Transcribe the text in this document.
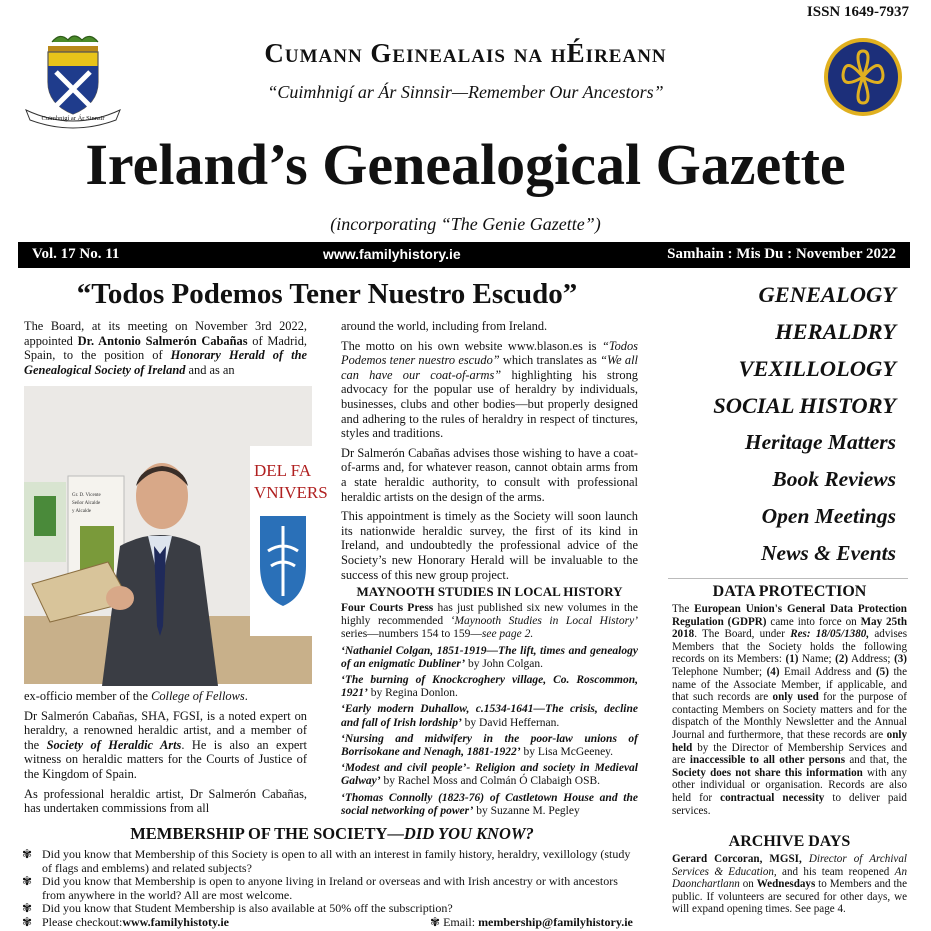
ISSN 1649-7937
Cuimhnigí ar Ár Sinnsir
Cumann Geinealais na hÉireann
“Cuimhnigí ar Ár Sinnsir—Remember Our Ancestors”
Ireland’s Genealogical Gazette
(incorporating “The Genie Gazette”)
Vol. 17 No. 11	www.familyhistory.ie	Samhain : Mis Du : November 2022
“Todos Podemos Tener Nuestro Escudo”

The Board, at its meeting on November 3rd 2022, appointed Dr. Antonio Salmerón Cabañas of Madrid, Spain, to the position of Honorary Herald of the Genealogical Society of Ireland and as an

Gr. D. Vicente
Señor Alcalde
y Alcalde
DEL FA
VNIVERS

ex-officio member of the College of Fellows.

Dr Salmerón Cabañas, SHA, FGSI, is a noted expert on heraldry, a renowned heraldic artist, and a member of the Society of Heraldic Arts. He is also an expert witness on heraldic matters for the Courts of Justice of the Kingdom of Spain.

As professional heraldic artist, Dr Salmerón Cabañas, has undertaken commissions from all

around the world, including from Ireland.

The motto on his own website www.blason.es is “Todos Podemos tener nuestro escudo” which translates as “We all can have our coat-of-arms” highlighting his strong advocacy for the popular use of heraldry by individuals, businesses, clubs and other bodies—but properly designed and adhering to the rules of heraldry in respect of tinctures, styles and traditions.

Dr Salmerón Cabañas advises those wishing to have a coat-of-arms and, for whatever reason, cannot obtain arms from a state heraldic authority, to consult with professional heraldic artists on the design of the arms.

This appointment is timely as the Society will soon launch its nationwide heraldic survey, the first of its kind in Ireland, and undoubtedly the professional advice of the Society’s new Honorary Herald will be invaluable to the success of this new group project.

MAYNOOTH STUDIES IN LOCAL HISTORY

Four Courts Press has just published six new volumes in the highly recommended ‘Maynooth Studies in Local History’ series—numbers 154 to 159—see page 2.

‘Nathaniel Colgan, 1851-1919—The lift, times and genealogy of an enigmatic Dubliner’ by John Colgan.

‘The burning of Knockcroghery village, Co. Roscommon, 1921’ by Regina Donlon.

‘Early modern Duhallow, c.1534-1641—The crisis, decline and fall of Irish lordship’ by David Heffernan.

‘Nursing and midwifery in the poor-law unions of Borrisokane and Nenagh, 1881-1922’ by Lisa McGeeney.

‘Modest and civil people’- Religion and society in Medieval Galway’ by Rachel Moss and Colmán Ó Clabaigh OSB.

‘Thomas Connolly (1823-76) of Castletown House and the social networking of power’ by Suzanne M. Pegley

GENEALOGY
HERALDRY
VEXILLOLOGY
SOCIAL HISTORY
Heritage Matters
Book Reviews
Open Meetings
News & Events
DATA PROTECTION

The European Union's General Data Protection Regulation (GDPR) came into force on May 25th 2018. The Board, under Res: 18/05/1380, advises Members that the Society holds the following records on its Members: (1) Name; (2) Address; (3) Telephone Number; (4) Email Address and (5) the name of the Associate Member, if applicable, and that such records are only used for the purpose of contacting Members on Society matters and for the dispatch of the Monthly Newsletter and the Annual Journal and furthermore, that these records are only held by the Director of Membership Services and are inaccessible to all other persons and that, the Society does not share this information with any other individual or organisation. Records are also held for contractual necessity to deliver paid services.

ARCHIVE DAYS

Gerard Corcoran, MGSI, Director of Archival Services & Education, and his team reopened An Daonchartlann on Wednesdays to Members and the public. If volunteers are secured for other days, we will expand opening times. See page 4.

MEMBERSHIP OF THE SOCIETY—DID YOU KNOW?
✾ Did you know that Membership of this Society is open to all with an interest in family history, heraldry, vexillology (study of flags and emblems) and related subjects?
✾ Did you know that Membership is open to anyone living in Ireland or overseas and with Irish ancestry or with ancestors from anywhere in the world? All are most welcome.
✾ Did you know that Student Membership is also available at 50% off the subscription?
✾ Please checkout: www.familyhistoty.ie	✾ Email: membership@familyhistory.ie
